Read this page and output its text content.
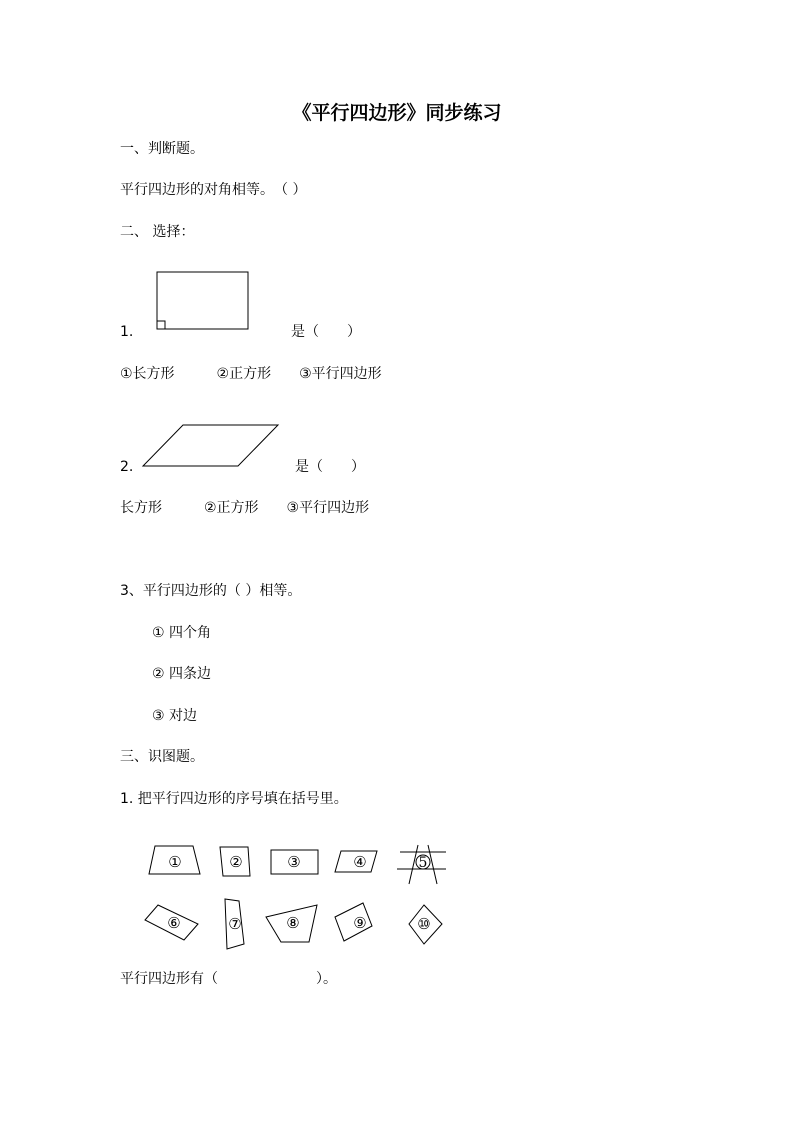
《平行四边形》同步练习
一、判断题。
平行四边形的对角相等。　（ ）
二、 选择：
1.	是（　　）
①长方形　　　②正方形　　③平行四边形
2.	是（　　）
长方形　　　②正方形　　③平行四边形
3、平行四边形的（ ）相等。
① 四个角
② 四条边
③ 对边
三、识图题。
1. 把平行四边形的序号填在括号里。
平行四边形有（　　　　　　　）。
①	②	③	④	5
⑥	⑦	⑧	⑨	⑩
